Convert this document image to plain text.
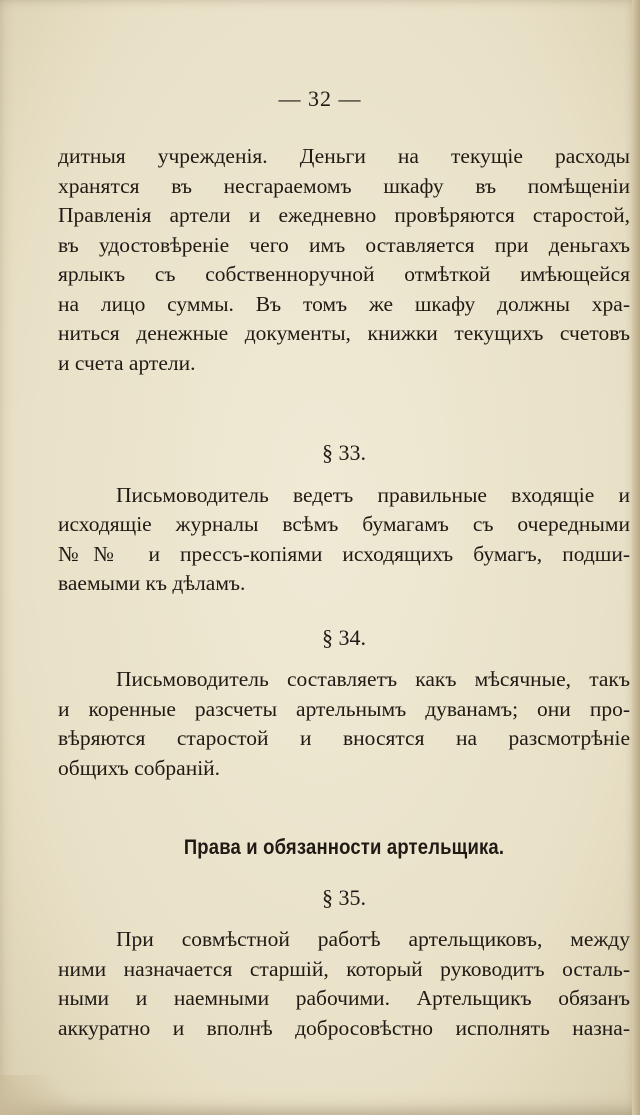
— 32 —

дитныя учрежденія. Деньги на текущіе расходы
хранятся въ несгараемомъ шкафу въ помѣщеніи
Правленія артели и ежедневно провѣряются старостой,
въ удостовѣреніе чего имъ оставляется при деньгахъ
ярлыкъ съ собственноручной отмѣткой имѣющейся
на лицо суммы. Въ томъ же шкафу должны хра-
ниться денежные документы, книжки текущихъ счетовъ
и счета артели.

§ 33.

Письмоводитель ведетъ правильные входящіе и
исходящіе журналы всѣмъ бумагамъ съ очередными
№№ и прессъ-копіями исходящихъ бумагъ, подши-
ваемыми къ дѣламъ.

§ 34.

Письмоводитель составляетъ какъ мѣсячные, такъ
и коренные разсчеты артельнымъ дуванамъ; они про-
вѣряются старостой и вносятся на разсмотрѣніе
общихъ собраній.

Права и обязанности артельщика.

§ 35.

При совмѣстной работѣ артельщиковъ, между
ними назначается старшій, который руководитъ осталь-
ными и наемными рабочими. Артельщикъ обязанъ
аккуратно и вполнѣ добросовѣстно исполнять назна-
